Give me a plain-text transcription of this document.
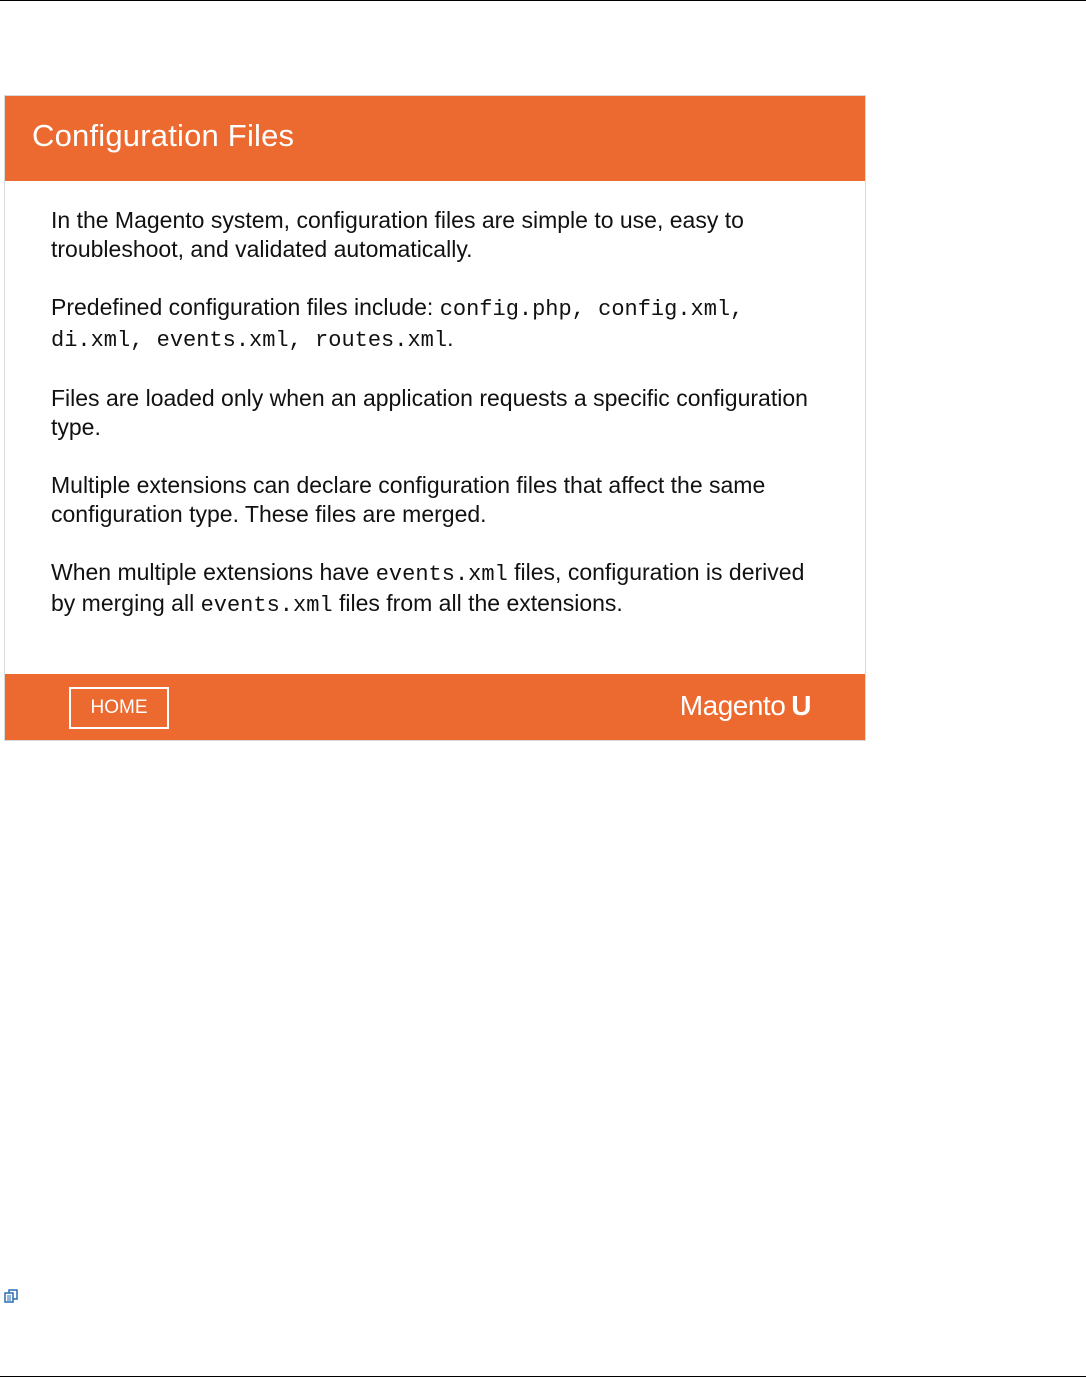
Configuration Files

In the Magento system, configuration files are simple to use, easy to troubleshoot, and validated automatically.

Predefined configuration files include: config.php, config.xml, di.xml, events.xml, routes.xml.

Files are loaded only when an application requests a specific configuration type.

Multiple extensions can declare configuration files that affect the same configuration type. These files are merged.

When multiple extensions have events.xml files, configuration is derived by merging all events.xml files from all the extensions.

HOME	Magento U
